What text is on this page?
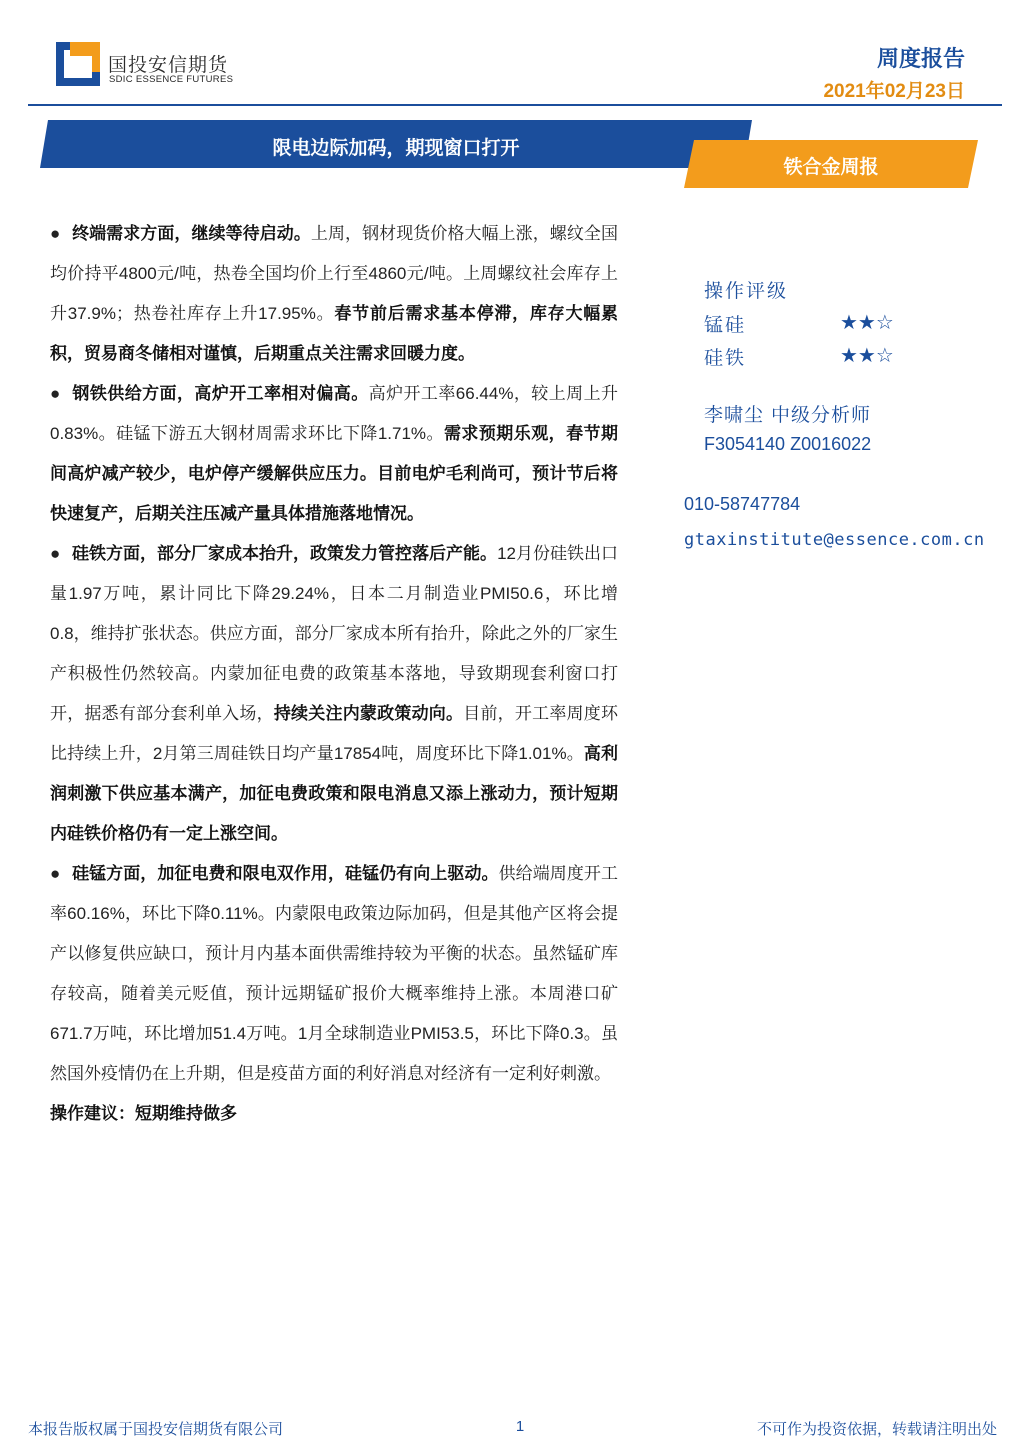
国投安信期货
SDIC ESSENCE FUTURES
周度报告
2021年02月23日
限电边际加码，期现窗口打开
铁合金周报

● 终端需求方面，继续等待启动。上周，钢材现货价格大幅上涨，螺纹全国均价持平4800元/吨，热卷全国均价上行至4860元/吨。上周螺纹社会库存上升37.9%；热卷社库存上升17.95%。春节前后需求基本停滞，库存大幅累积，贸易商冬储相对谨慎，后期重点关注需求回暖力度。

● 钢铁供给方面，高炉开工率相对偏高。高炉开工率66.44%，较上周上升0.83%。硅锰下游五大钢材周需求环比下降1.71%。需求预期乐观，春节期间高炉减产较少，电炉停产缓解供应压力。目前电炉毛利尚可，预计节后将快速复产，后期关注压减产量具体措施落地情况。

● 硅铁方面，部分厂家成本抬升，政策发力管控落后产能。12月份硅铁出口量1.97万吨，累计同比下降29.24%，日本二月制造业PMI50.6，环比增0.8，维持扩张状态。供应方面，部分厂家成本所有抬升，除此之外的厂家生产积极性仍然较高。内蒙加征电费的政策基本落地，导致期现套利窗口打开，据悉有部分套利单入场，持续关注内蒙政策动向。目前，开工率周度环比持续上升，2月第三周硅铁日均产量17854吨，周度环比下降1.01%。高利润刺激下供应基本满产，加征电费政策和限电消息又添上涨动力，预计短期内硅铁价格仍有一定上涨空间。

● 硅锰方面，加征电费和限电双作用，硅锰仍有向上驱动。供给端周度开工率60.16%，环比下降0.11%。内蒙限电政策边际加码，但是其他产区将会提产以修复供应缺口，预计月内基本面供需维持较为平衡的状态。虽然锰矿库存较高，随着美元贬值，预计远期锰矿报价大概率维持上涨。本周港口矿671.7万吨，环比增加51.4万吨。1月全球制造业PMI53.5，环比下降0.3。虽然国外疫情仍在上升期，但是疫苗方面的利好消息对经济有一定利好刺激。

操作建议：短期维持做多

操作评级
锰硅	★★☆
硅铁	★★☆
李啸尘 中级分析师
F3054140 Z0016022
010-58747784
gtaxinstitute@essence.com.cn
本报告版权属于国投安信期货有限公司	1	不可作为投资依据，转载请注明出处
